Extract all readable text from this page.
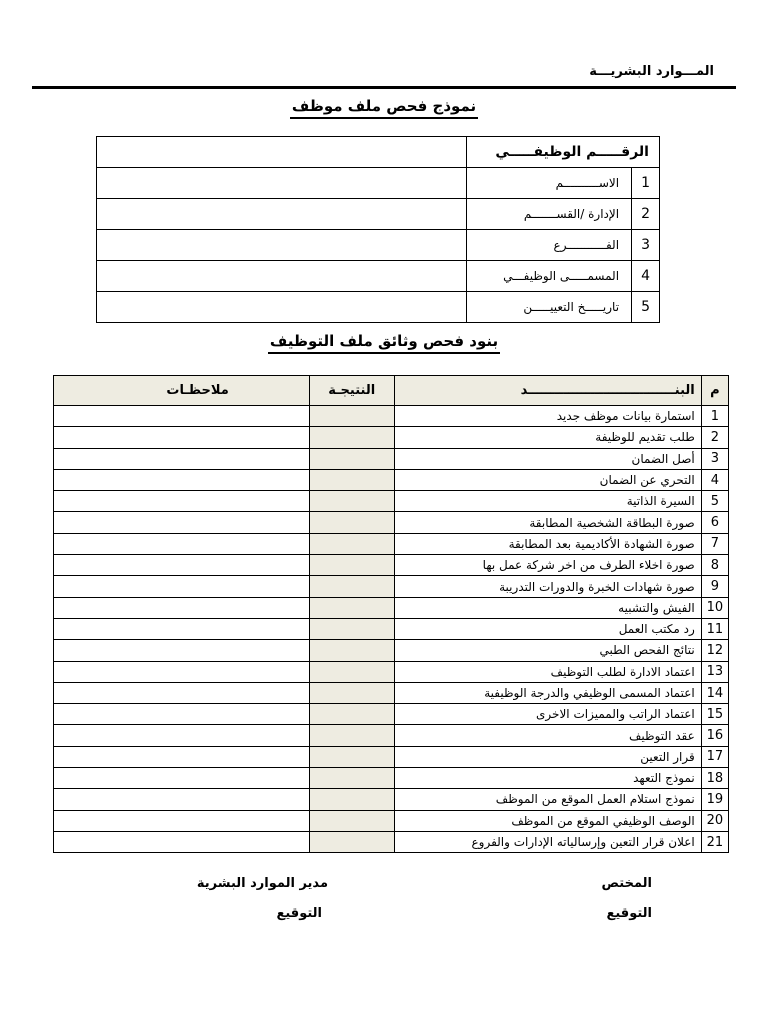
المـــوارد البشريـــة
نموذج فحص ملف موظف
الرقـــــم الوظيفـــــي		
1	الاســــــــــم	
2	الإدارة /القســـــــم	
3	الفـــــــــــرع	
4	المسمـــــى الوظيفـــي	
5	تاريـــــخ التعييـــــن	
بنود فحص وثائق ملف التوظيف
م	البنـــــــــــــــــــــــــــــــــد	النتيجـة	ملاحظـات
1	استمارة بيانات موظف جديد		
2	طلب تقديم للوظيفة		
3	أصل الضمان		
4	التحري عن الضمان		
5	السيرة الذاتية		
6	صورة البطاقة الشخصية المطابقة		
7	صورة الشهادة الأكاديمية بعد المطابقة		
8	صورة اخلاء الطرف من اخر شركة عمل بها		
9	صورة شهادات الخبرة والدورات التدريبة		
10	الفيش والتشبيه		
11	رد مكتب العمل		
12	نتائج الفحص الطبي		
13	اعتماد الادارة لطلب التوظيف		
14	اعتماد المسمى الوظيفي والدرجة الوظيفية		
15	اعتماد الراتب والمميزات الاخرى		
16	عقد التوظيف		
17	قرار التعين		
18	نموذج التعهد		
19	نموذج استلام العمل الموقع من الموظف		
20	الوصف الوظيفي الموقع من الموظف		
21	اعلان قرار التعين وإرسالياته الإدارات والفروع		
المختص
التوقيع
مدير الموارد البشرية
التوقيع
